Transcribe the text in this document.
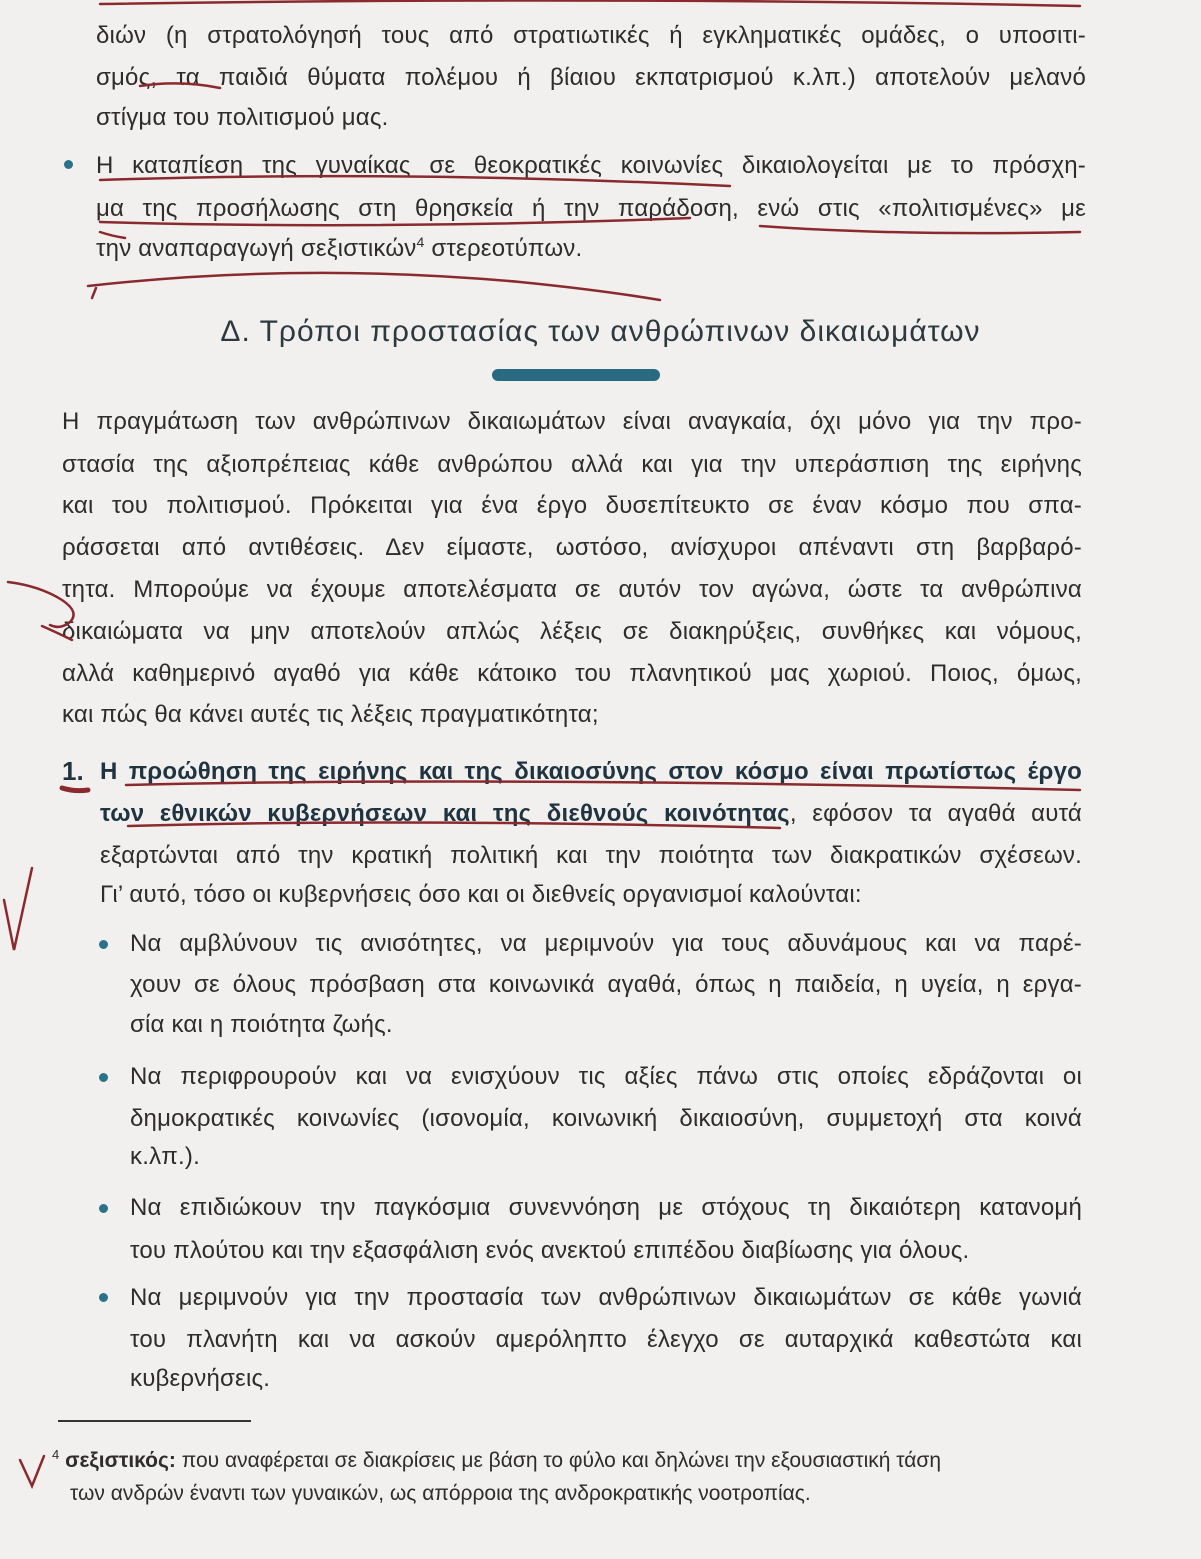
διών (η στρατολόγησή τους από στρατιωτικές ή εγκληματικές ομάδες, ο υποσιτι-
σμός, τα παιδιά θύματα πολέμου ή βίαιου εκπατρισμού κ.λπ.) αποτελούν μελανό
στίγμα του πολιτισμού μας.
Η καταπίεση της γυναίκας σε θεοκρατικές κοινωνίες δικαιολογείται με το πρόσχη-
μα της προσήλωσης στη θρησκεία ή την παράδοση, ενώ στις «πολιτισμένες» με
την αναπαραγωγή σεξιστικών$^4$ στερεοτύπων.
Δ. Τρόποι προστασίας των ανθρώπινων δικαιωμάτων
Η πραγμάτωση των ανθρώπινων δικαιωμάτων είναι αναγκαία, όχι μόνο για την προ-
στασία της αξιοπρέπειας κάθε ανθρώπου αλλά και για την υπεράσπιση της ειρήνης
και του πολιτισμού. Πρόκειται για ένα έργο δυσεπίτευκτο σε έναν κόσμο που σπα-
ράσσεται από αντιθέσεις. Δεν είμαστε, ωστόσο, ανίσχυροι απέναντι στη βαρβαρό-
τητα. Μπορούμε να έχουμε αποτελέσματα σε αυτόν τον αγώνα, ώστε τα ανθρώπινα
δικαιώματα να μην αποτελούν απλώς λέξεις σε διακηρύξεις, συνθήκες και νόμους,
αλλά καθημερινό αγαθό για κάθε κάτοικο του πλανητικού μας χωριού. Ποιος, όμως,
και πώς θα κάνει αυτές τις λέξεις πραγματικότητα;
1. Η προώθηση της ειρήνης και της δικαιοσύνης στον κόσμο είναι πρωτίστως έργο
των εθνικών κυβερνήσεων και της διεθνούς κοινότητας, εφόσον τα αγαθά αυτά
εξαρτώνται από την κρατική πολιτική και την ποιότητα των διακρατικών σχέσεων.
Γι’ αυτό, τόσο οι κυβερνήσεις όσο και οι διεθνείς οργανισμοί καλούνται:
Να αμβλύνουν τις ανισότητες, να μεριμνούν για τους αδυνάμους και να παρέ-
χουν σε όλους πρόσβαση στα κοινωνικά αγαθά, όπως η παιδεία, η υγεία, η εργα-
σία και η ποιότητα ζωής.
Να περιφρουρούν και να ενισχύουν τις αξίες πάνω στις οποίες εδράζονται οι
δημοκρατικές κοινωνίες (ισονομία, κοινωνική δικαιοσύνη, συμμετοχή στα κοινά
κ.λπ.).
Να επιδιώκουν την παγκόσμια συνεννόηση με στόχους τη δικαιότερη κατανομή
του πλούτου και την εξασφάλιση ενός ανεκτού επιπέδου διαβίωσης για όλους.
Να μεριμνούν για την προστασία των ανθρώπινων δικαιωμάτων σε κάθε γωνιά
του πλανήτη και να ασκούν αμερόληπτο έλεγχο σε αυταρχικά καθεστώτα και
κυβερνήσεις.
$^4$ σεξιστικός: που αναφέρεται σε διακρίσεις με βάση το φύλο και δηλώνει την εξουσιαστική τάση
των ανδρών έναντι των γυναικών, ως απόρροια της ανδροκρατικής νοοτροπίας.
